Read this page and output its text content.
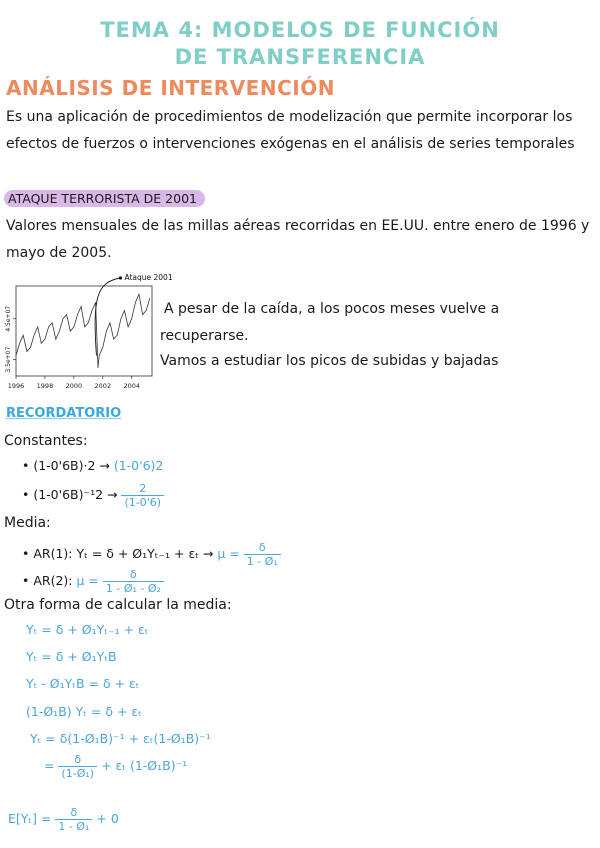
TEMA 4: MODELOS DE FUNCIÓN
DE TRANSFERENCIA
ANÁLISIS DE INTERVENCIÓN
Es una aplicación de procedimientos de modelización que permite incorporar los
efectos de fuerzos o intervenciones exógenas en el análisis de series temporales
ATAQUE TERRORISTA DE 2001
Valores mensuales de las millas aéreas recorridas en EE.UU. entre enero de 1996 y
mayo de 2005.
1996 1998 2000 2002 2004
3.5e+07
4.5e+07
Ataque 2001
A pesar de la caída, a los pocos meses vuelve a
recuperarse.
Vamos a estudiar los picos de subidas y bajadas
RECORDATORIO
Constantes:
• (1-0'6B)·2 → (1-0'6)2
• $(1-0'6B)^{-1}2 \to \frac{2}{(1-0'6)}$
Media:
• AR(1): Yₜ = δ + Ø₁Yₜ₋₁ + $\varepsilon_t \to \mu = \frac{\delta}{\text{1 - Ø₁}}$
• AR(2): $\mu = \frac{\delta}{\text{1 - Ø₁ - Ø₂}}$
Otra forma de calcular la media:
Yₜ = δ + Ø₁Yₜ₋₁ + εₜ
Yₜ = δ + Ø₁YₜB
Yₜ - Ø₁YₜB = δ + εₜ
(1-Ø₁B) Yₜ = δ + εₜ
Yₜ = δ(1-Ø₁B)⁻¹ + εₜ(1-Ø₁B)⁻¹
= $\frac{\delta}{\text{(1-Ø₁)}} + \varepsilon_t$ (1-Ø₁B)⁻¹
$E[Y_t] = \frac{\delta}{\text{1 - Ø₁}} + 0$
